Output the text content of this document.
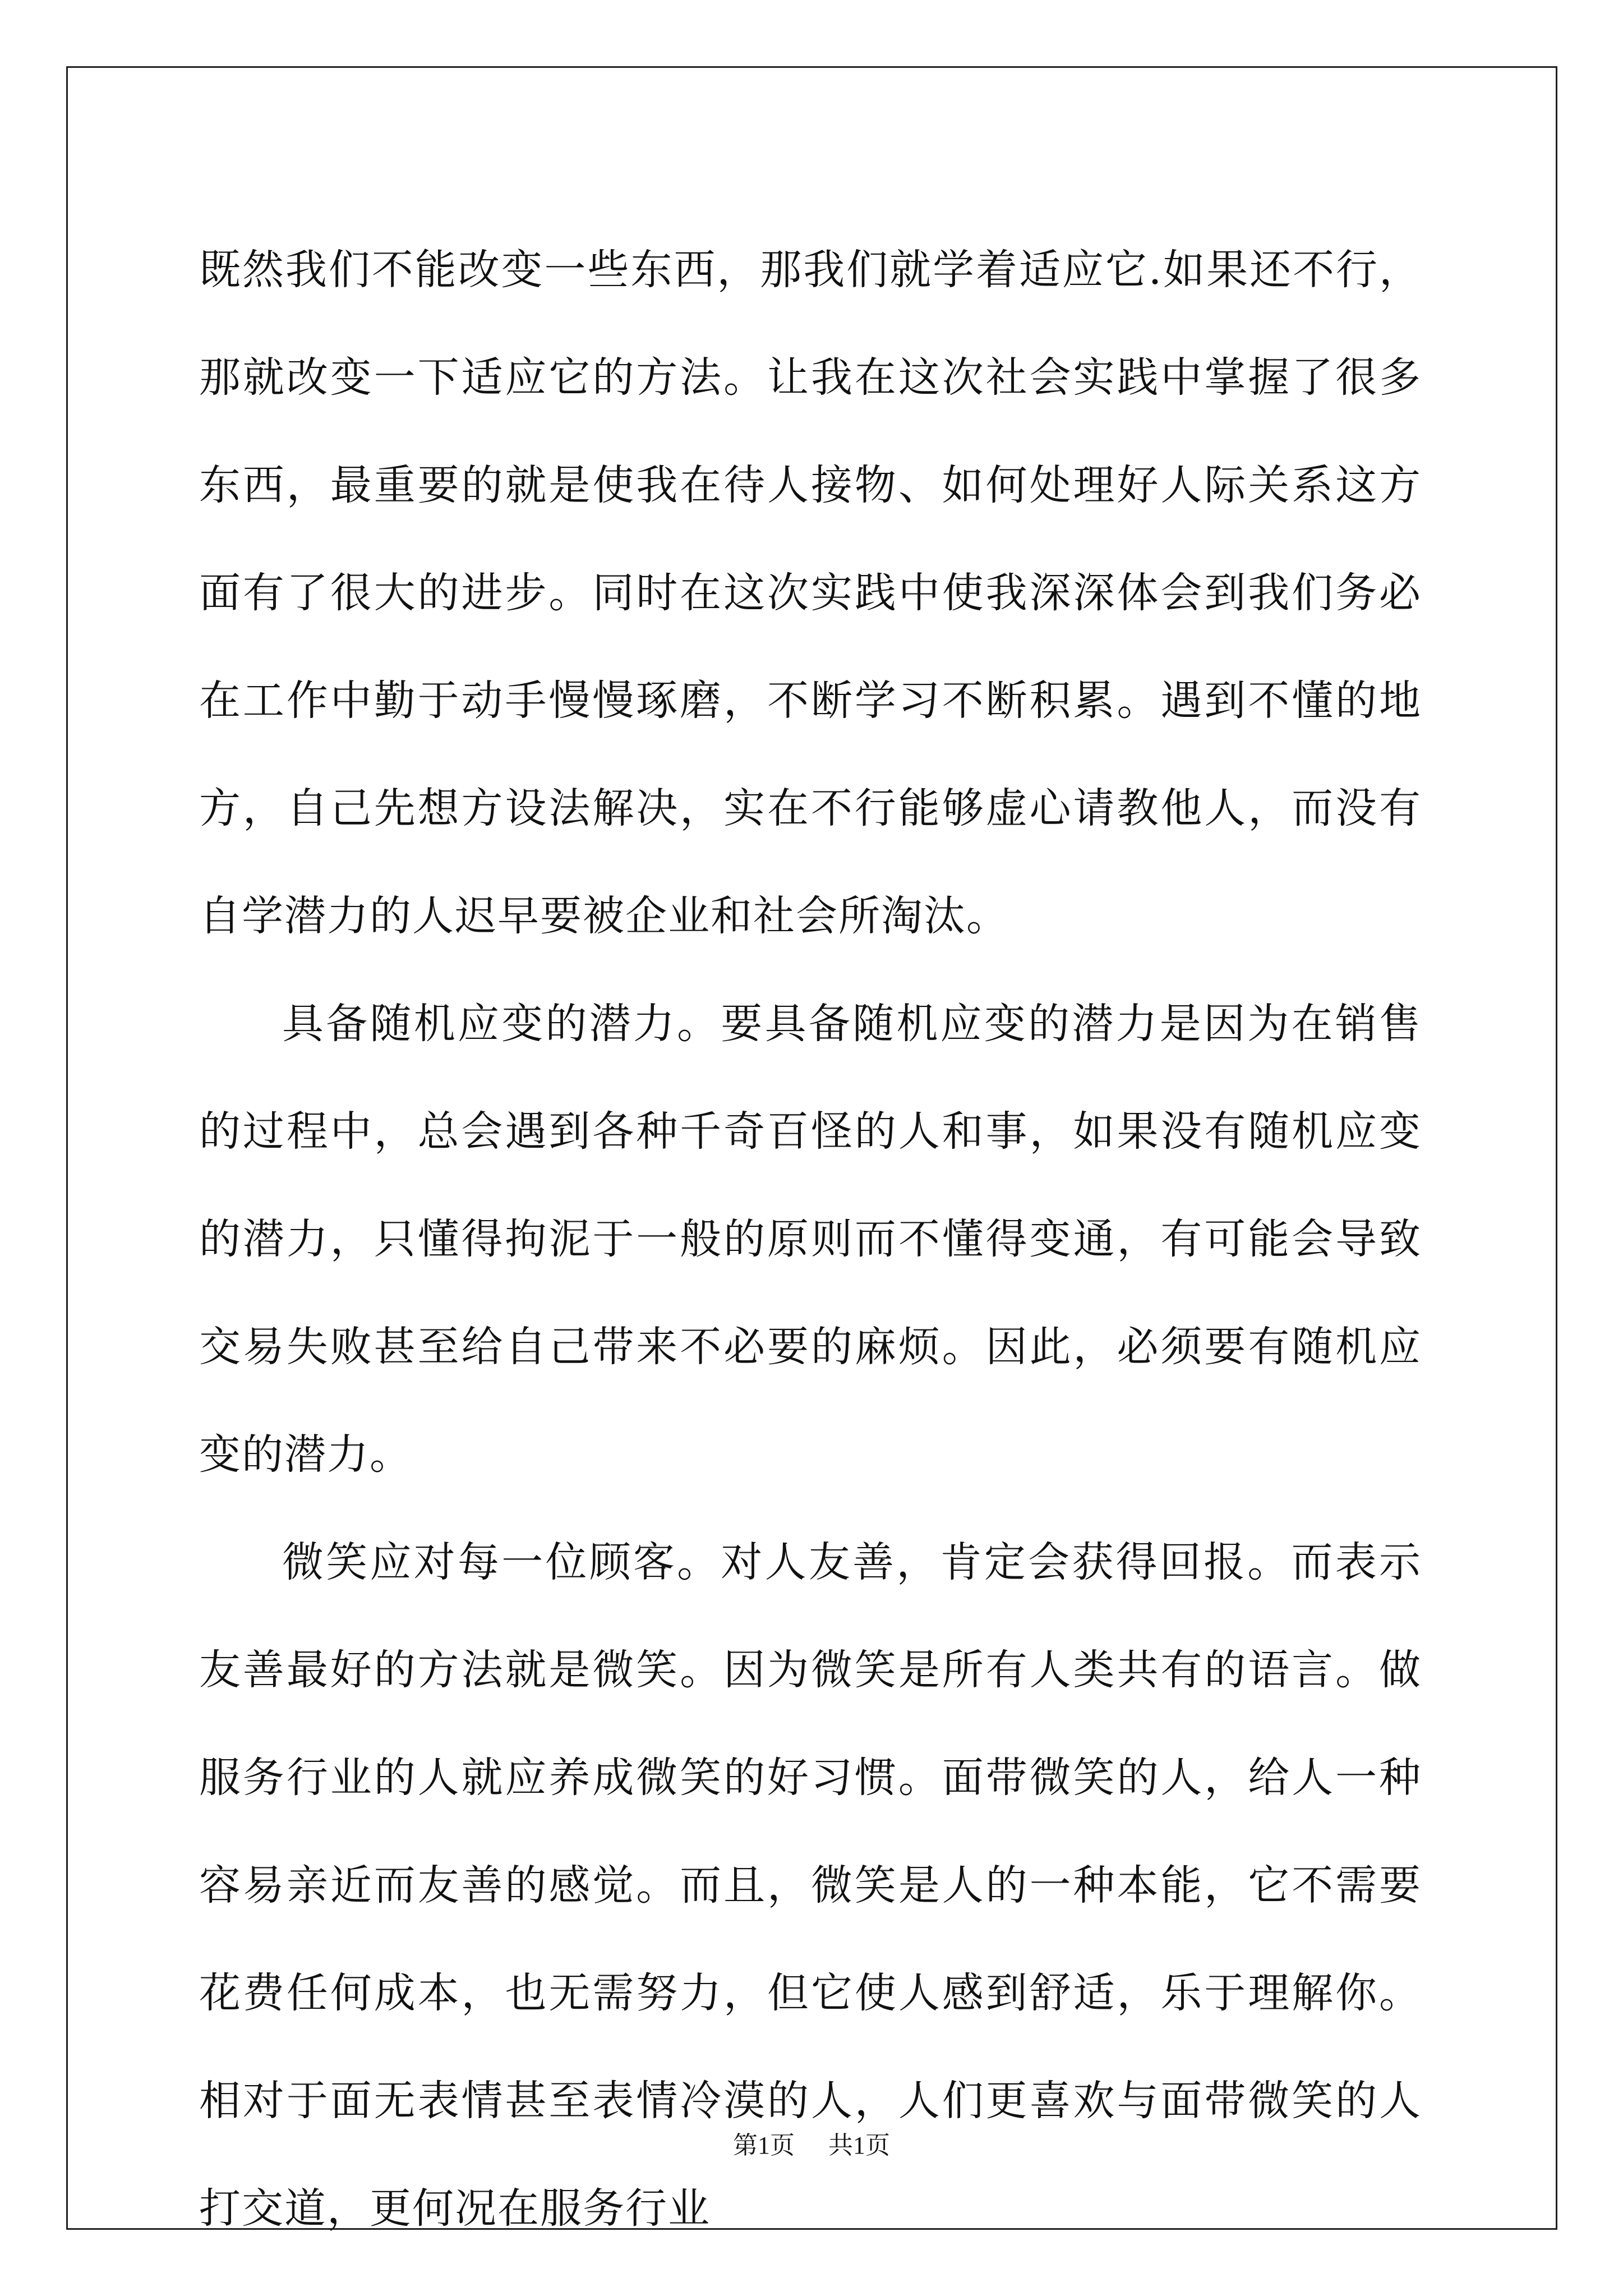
既然我们不能改变一些东西，那我们就学着适应它.如果还不行，那就改变一下适应它的方法。让我在这次社会实践中掌握了很多东西，最重要的就是使我在待人接物、如何处理好人际关系这方面有了很大的进步。同时在这次实践中使我深深体会到我们务必在工作中勤于动手慢慢琢磨，不断学习不断积累。遇到不懂的地方，自己先想方设法解决，实在不行能够虚心请教他人，而没有自学潜力的人迟早要被企业和社会所淘汰。

具备随机应变的潜力。要具备随机应变的潜力是因为在销售的过程中，总会遇到各种千奇百怪的人和事，如果没有随机应变的潜力，只懂得拘泥于一般的原则而不懂得变通，有可能会导致交易失败甚至给自己带来不必要的麻烦。因此，必须要有随机应变的潜力。

微笑应对每一位顾客。对人友善，肯定会获得回报。而表示友善最好的方法就是微笑。因为微笑是所有人类共有的语言。做服务行业的人就应养成微笑的好习惯。面带微笑的人，给人一种容易亲近而友善的感觉。而且，微笑是人的一种本能，它不需要花费任何成本，也无需努力，但它使人感到舒适，乐于理解你。相对于面无表情甚至表情冷漠的人，人们更喜欢与面带微笑的人打交道，更何况在服务行业

第1页 共1页
